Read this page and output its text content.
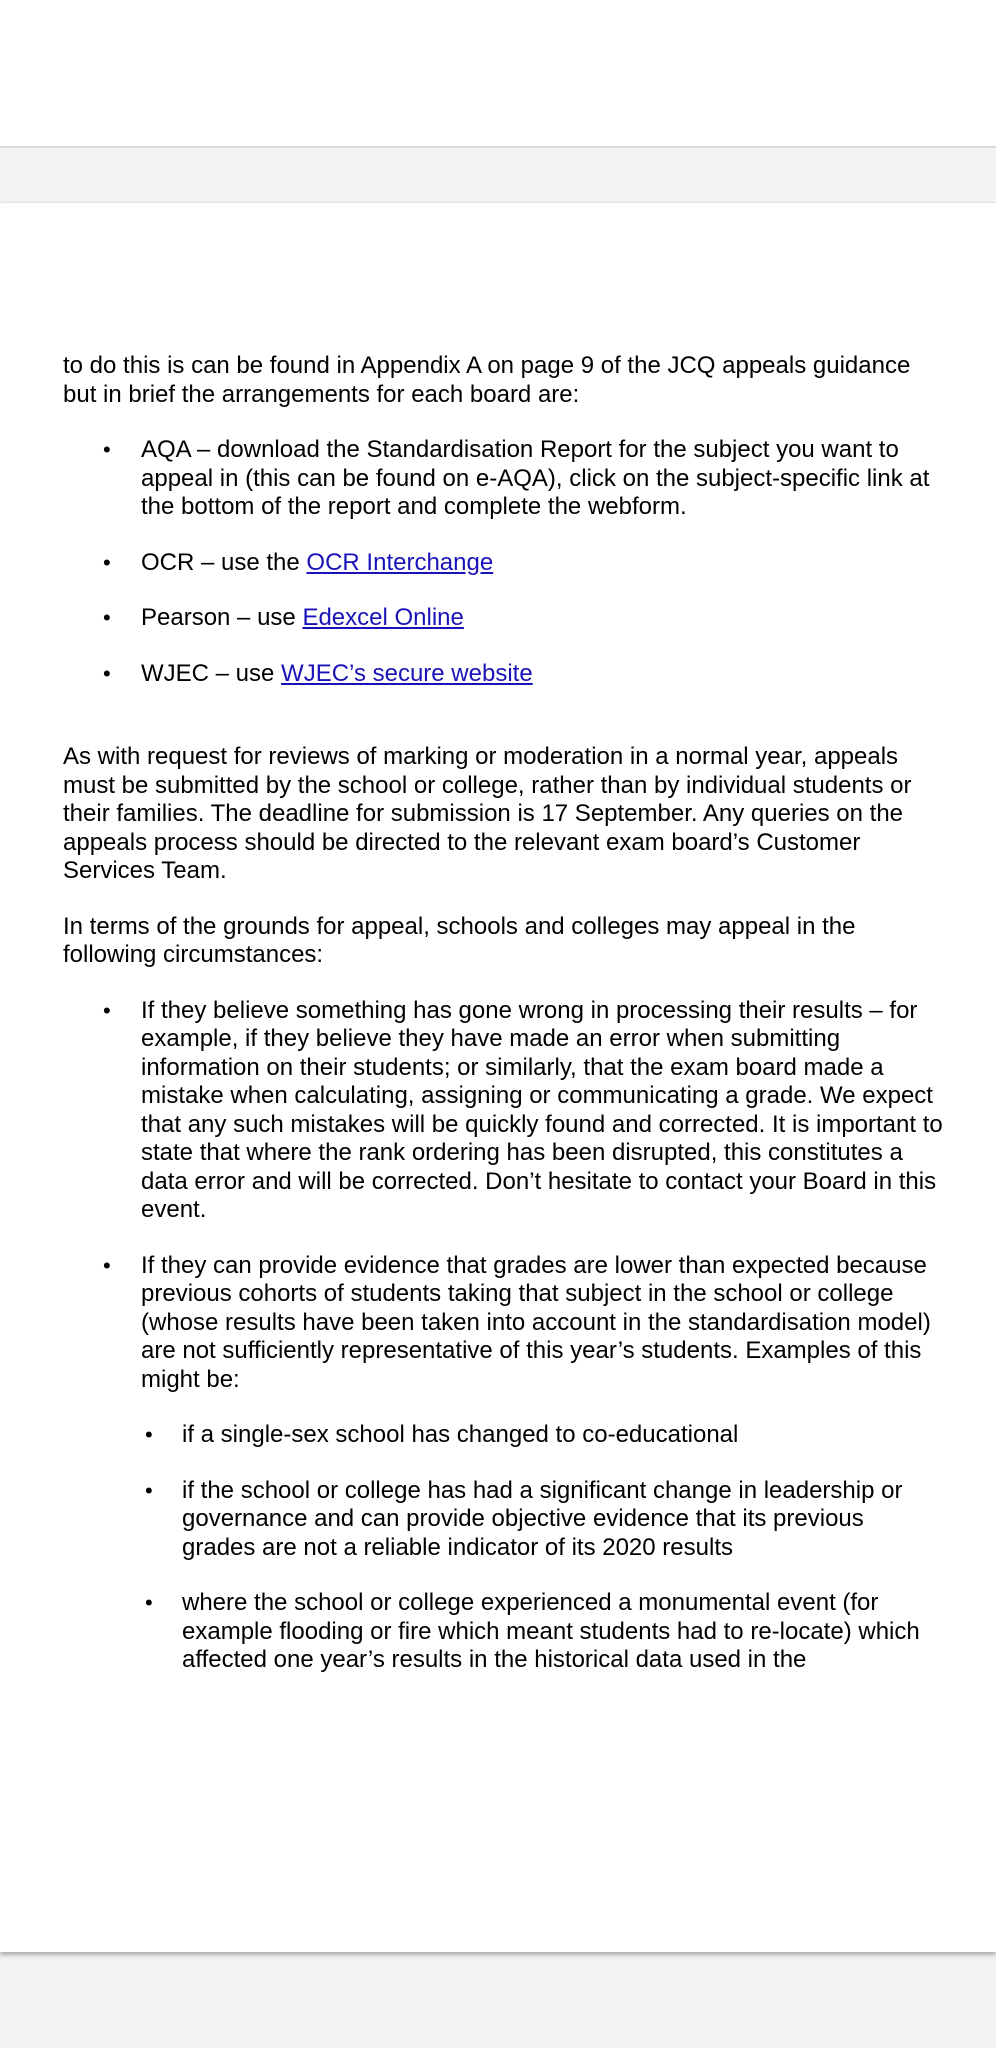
to do this is can be found in Appendix A on page 9 of the JCQ appeals guidance but in brief the arrangements for each board are:

• AQA – download the Standardisation Report for the subject you want to appeal in (this can be found on e-AQA), click on the subject-specific link at the bottom of the report and complete the webform.
• OCR – use the OCR Interchange
• Pearson – use Edexcel Online
• WJEC – use WJEC’s secure website

As with request for reviews of marking or moderation in a normal year, appeals must be submitted by the school or college, rather than by individual students or their families. The deadline for submission is 17 September. Any queries on the appeals process should be directed to the relevant exam board’s Customer Services Team.

In terms of the grounds for appeal, schools and colleges may appeal in the following circumstances:

• If they believe something has gone wrong in processing their results – for example, if they believe they have made an error when submitting information on their students; or similarly, that the exam board made a mistake when calculating, assigning or communicating a grade. We expect that any such mistakes will be quickly found and corrected. It is important to state that where the rank ordering has been disrupted, this constitutes a data error and will be corrected. Don’t hesitate to contact your Board in this event.
• If they can provide evidence that grades are lower than expected because previous cohorts of students taking that subject in the school or college (whose results have been taken into account in the standardisation model) are not sufficiently representative of this year’s students. Examples of this might be:
• if a single-sex school has changed to co-educational
• if the school or college has had a significant change in leadership or governance and can provide objective evidence that its previous grades are not a reliable indicator of its 2020 results
• where the school or college experienced a monumental event (for example flooding or fire which meant students had to re-locate) which affected one year’s results in the historical data used in the
